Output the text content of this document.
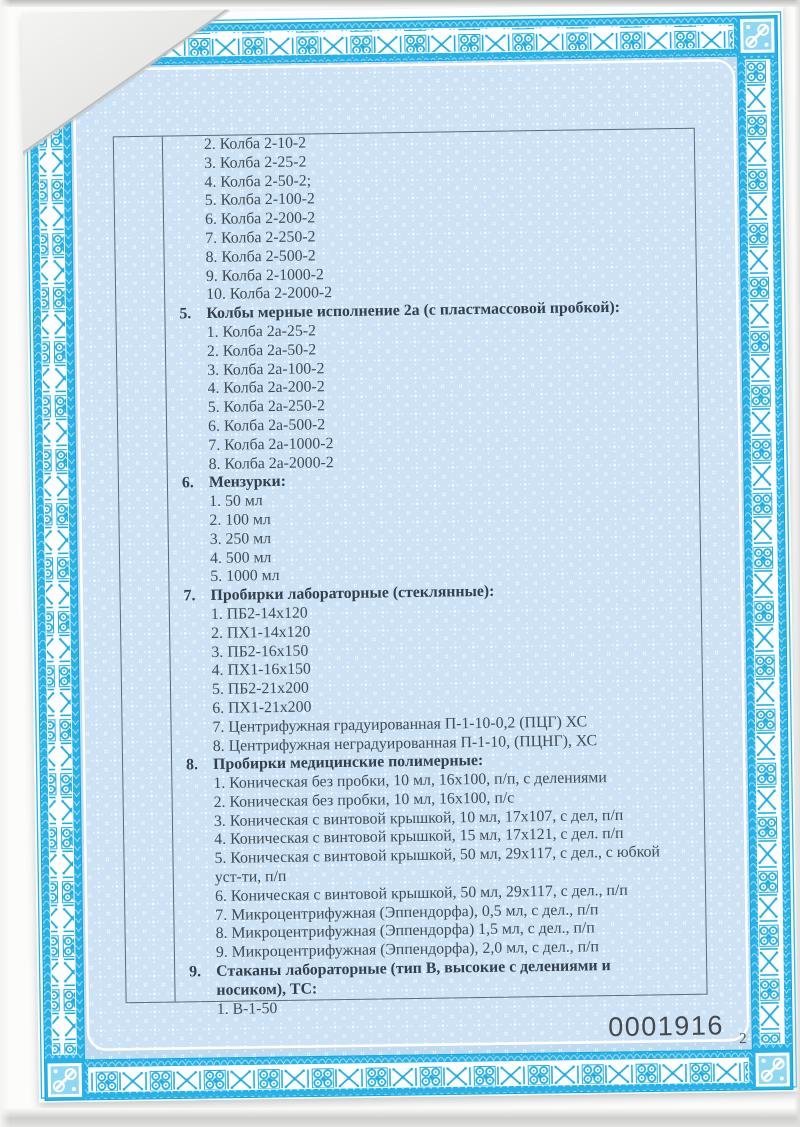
2. Колба 2-10-2
3. Колба 2-25-2
4. Колба 2-50-2;
5. Колба 2-100-2
6. Колба 2-200-2
7. Колба 2-250-2
8. Колба 2-500-2
9. Колба 2-1000-2
10. Колба 2-2000-2
5. Колбы мерные исполнение 2а (с пластмассовой пробкой):
1. Колба 2а-25-2
2. Колба 2а-50-2
3. Колба 2а-100-2
4. Колба 2а-200-2
5. Колба 2а-250-2
6. Колба 2а-500-2
7. Колба 2а-1000-2
8. Колба 2а-2000-2
6. Мензурки:
1. 50 мл
2. 100 мл
3. 250 мл
4. 500 мл
5. 1000 мл
7. Пробирки лабораторные (стеклянные):
1. ПБ2-14х120
2. ПХ1-14х120
3. ПБ2-16х150
4. ПХ1-16х150
5. ПБ2-21х200
6. ПХ1-21х200
7. Центрифужная градуированная П-1-10-0,2 (ПЦГ) ХС
8. Центрифужная неградуированная П-1-10, (ПЦНГ), ХС
8. Пробирки медицинские полимерные:
1. Коническая без пробки, 10 мл, 16х100, п/п, с делениями
2. Коническая без пробки, 10 мл, 16х100, п/с
3. Коническая с винтовой крышкой, 10 мл, 17х107, с дел, п/п
4. Коническая с винтовой крышкой, 15 мл, 17х121, с дел. п/п
5. Коническая с винтовой крышкой, 50 мл, 29х117, с дел., с юбкой
уст-ти, п/п
6. Коническая с винтовой крышкой, 50 мл, 29х117, с дел., п/п
7. Микроцентрифужная (Эппендорфа), 0,5 мл, с дел., п/п
8. Микроцентрифужная (Эппендорфа) 1,5 мл, с дел., п/п
9. Микроцентрифужная (Эппендорфа), 2,0 мл, с дел., п/п
9. Стаканы лабораторные (тип В, высокие с делениями и
носиком), ТС:
1. В-1-50
0001916	2
